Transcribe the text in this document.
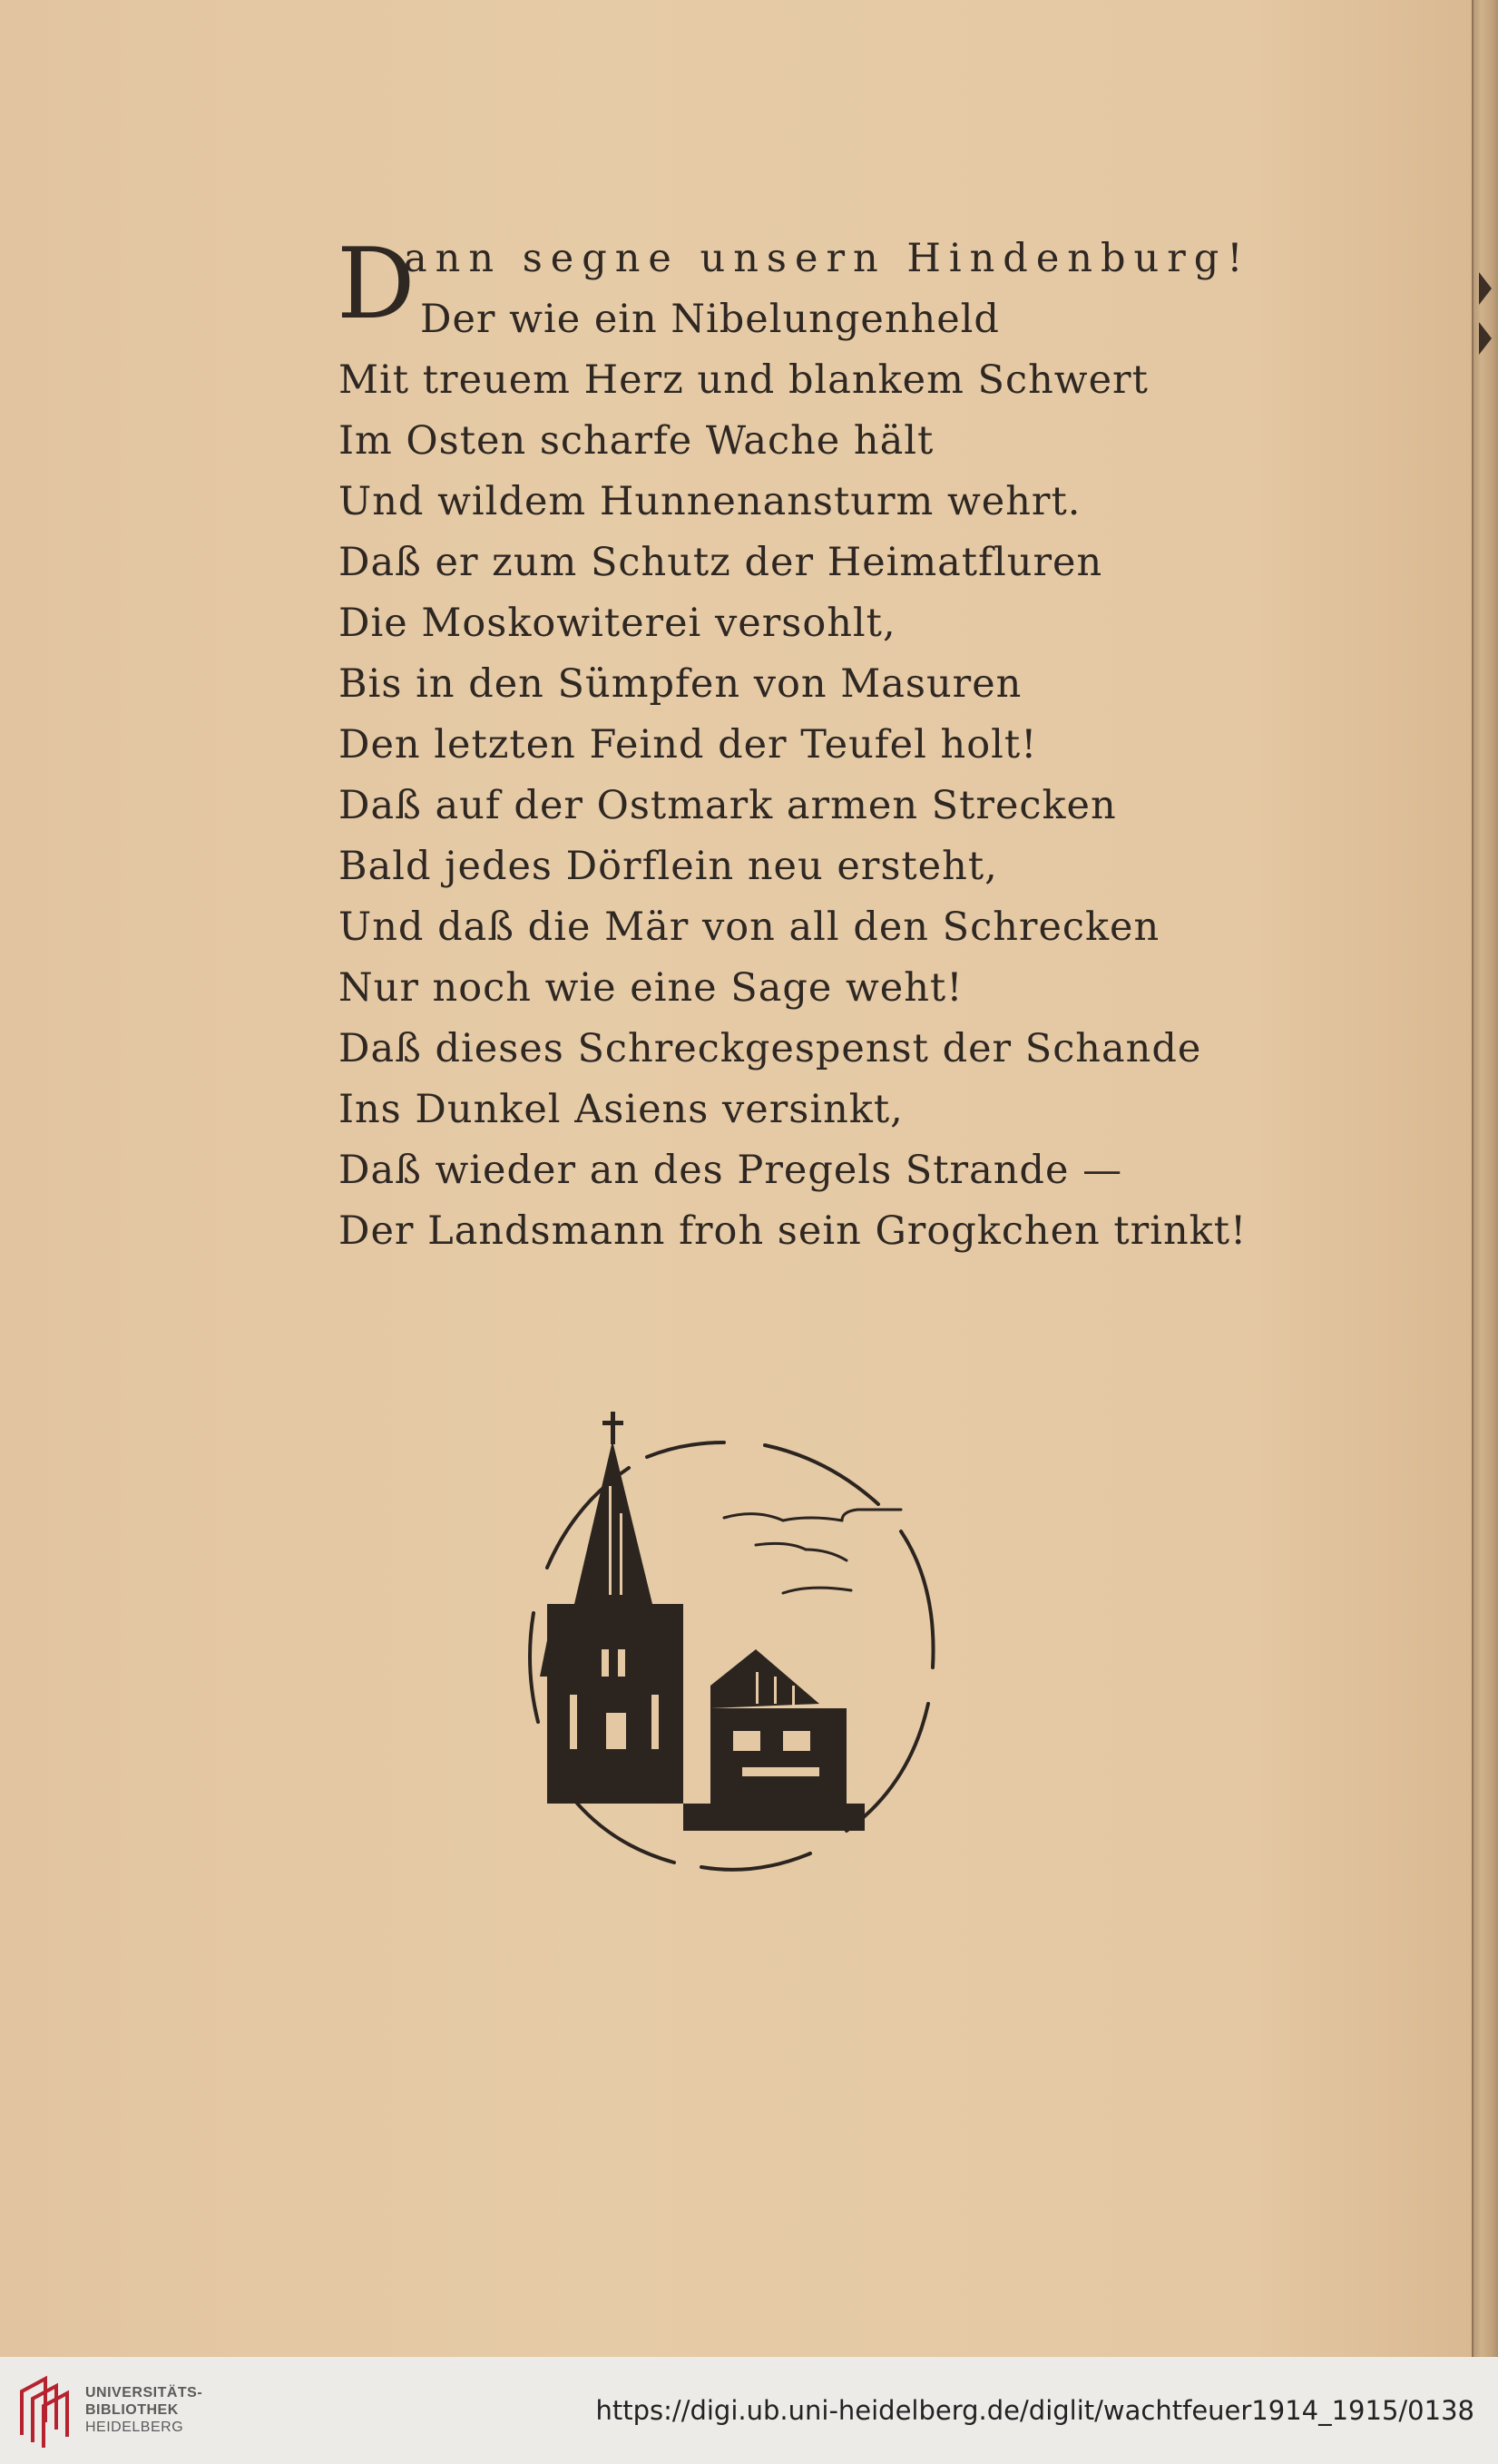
D
ann segne unsern Hindenburg!
Der wie ein Nibelungenheld
Mit treuem Herz und blankem Schwert
Im Osten scharfe Wache hält
Und wildem Hunnenansturm wehrt.
Daß er zum Schutz der Heimatfluren
Die Moskowiterei versohlt,
Bis in den Sümpfen von Masuren
Den letzten Feind der Teufel holt!
Daß auf der Ostmark armen Strecken
Bald jedes Dörflein neu ersteht,
Und daß die Mär von all den Schrecken
Nur noch wie eine Sage weht!
Daß dieses Schreckgespenst der Schande
Ins Dunkel Asiens versinkt,
Daß wieder an des Pregels Strande —
Der Landsmann froh sein Grogkchen trinkt!
UNIVERSITÄTS-
BIBLIOTHEK
HEIDELBERG
https://digi.ub.uni-heidelberg.de/diglit/wachtfeuer1914_1915/0138
